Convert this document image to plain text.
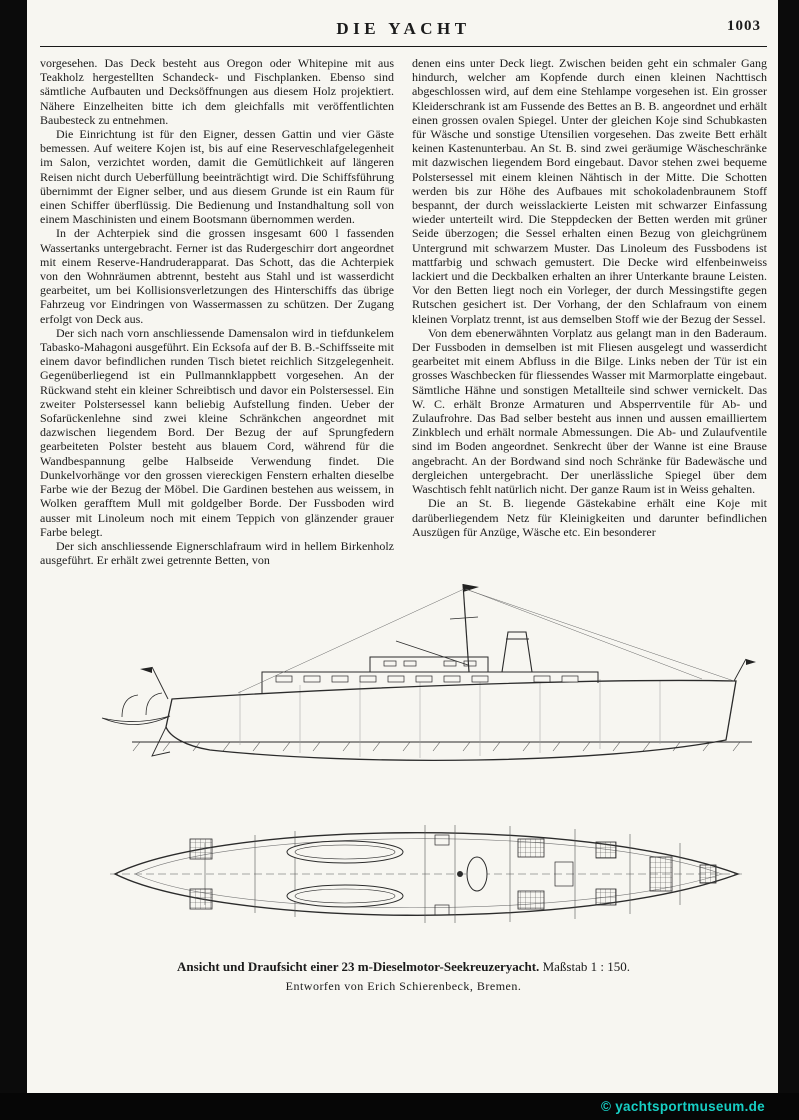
DIE YACHT	1003

vorgesehen. Das Deck besteht aus Oregon oder Whitepine mit aus Teakholz hergestellten Schandeck- und Fischplanken. Ebenso sind sämtliche Aufbauten und Decksöffnungen aus diesem Holz projektiert. Nähere Einzelheiten bitte ich dem gleichfalls mit veröffentlichten Baubesteck zu entnehmen.

Die Einrichtung ist für den Eigner, dessen Gattin und vier Gäste bemessen. Auf weitere Kojen ist, bis auf eine Reserveschlafgelegenheit im Salon, verzichtet worden, damit die Gemütlichkeit auf längeren Reisen nicht durch Ueberfüllung beeinträchtigt wird. Die Schiffsführung übernimmt der Eigner selber, und aus diesem Grunde ist ein Raum für einen Schiffer überflüssig. Die Bedienung und Instandhaltung soll von einem Maschinisten und einem Bootsmann übernommen werden.

In der Achterpiek sind die grossen insgesamt 600 l fassenden Wassertanks untergebracht. Ferner ist das Rudergeschirr dort angeordnet mit einem Reserve-Handruderapparat. Das Schott, das die Achterpiek von den Wohnräumen abtrennt, besteht aus Stahl und ist wasserdicht gearbeitet, um bei Kollisionsverletzungen des Hinterschiffs das übrige Fahrzeug vor Eindringen von Wassermassen zu schützen. Der Zugang erfolgt von Deck aus.

Der sich nach vorn anschliessende Damensalon wird in tiefdunkelem Tabasko-Mahagoni ausgeführt. Ein Ecksofa auf der B. B.-Schiffsseite mit einem davor befindlichen runden Tisch bietet reichlich Sitzgelegenheit. Gegenüberliegend ist ein Pullmannklappbett vorgesehen. An der Rückwand steht ein kleiner Schreibtisch und davor ein Polstersessel. Ein zweiter Polstersessel kann beliebig Aufstellung finden. Ueber der Sofarückenlehne sind zwei kleine Schränkchen angeordnet mit dazwischen liegendem Bord. Der Bezug der auf Sprungfedern gearbeiteten Polster besteht aus blauem Cord, während für die Wandbespannung gelbe Halbseide Verwendung findet. Die Dunkelvorhänge vor den grossen viereckigen Fenstern erhalten dieselbe Farbe wie der Bezug der Möbel. Die Gardinen bestehen aus weissem, in Wolken gerafftem Mull mit goldgelber Borde. Der Fussboden wird ausser mit Linoleum noch mit einem Teppich von glänzender grauer Farbe belegt.

Der sich anschliessende Eignerschlafraum wird in hellem Birkenholz ausgeführt. Er erhält zwei getrennte Betten, von

denen eins unter Deck liegt. Zwischen beiden geht ein schmaler Gang hindurch, welcher am Kopfende durch einen kleinen Nachttisch abgeschlossen wird, auf dem eine Stehlampe vorgesehen ist. Ein grosser Kleiderschrank ist am Fussende des Bettes an B. B. angeordnet und erhält einen grossen ovalen Spiegel. Unter der gleichen Koje sind Schubkasten für Wäsche und sonstige Utensilien vorgesehen. Das zweite Bett erhält keinen Kastenunterbau. An St. B. sind zwei geräumige Wäscheschränke mit dazwischen liegendem Bord eingebaut. Davor stehen zwei bequeme Polstersessel mit einem kleinen Nähtisch in der Mitte. Die Schotten werden bis zur Höhe des Aufbaues mit schokoladenbraunem Stoff bespannt, der durch weisslackierte Leisten mit schwarzer Einfassung wieder unterteilt wird. Die Steppdecken der Betten werden mit grüner Seide überzogen; die Sessel erhalten einen Bezug von gleichgrünem Untergrund mit schwarzem Muster. Das Linoleum des Fussbodens ist mattfarbig und schwach gemustert. Die Decke wird elfenbeinweiss lackiert und die Deckbalken erhalten an ihrer Unterkante braune Leisten. Vor den Betten liegt noch ein Vorleger, der durch Messingstifte gegen Rutschen gesichert ist. Der Vorhang, der den Schlafraum von einem kleinen Vorplatz trennt, ist aus demselben Stoff wie der Bezug der Sessel.

Von dem ebenerwähnten Vorplatz aus gelangt man in den Baderaum. Der Fussboden in demselben ist mit Fliesen ausgelegt und wasserdicht gearbeitet mit einem Abfluss in die Bilge. Links neben der Tür ist ein grosses Waschbecken für fliessendes Wasser mit Marmorplatte eingebaut. Sämtliche Hähne und sonstigen Metallteile sind schwer vernickelt. Das W. C. erhält Bronze Armaturen und Absperrventile für Ab- und Zulaufrohre. Das Bad selber besteht aus innen und aussen emailliertem Zinkblech und erhält normale Abmessungen. Die Ab- und Zulaufventile sind im Boden angeordnet. Senkrecht über der Wanne ist eine Brause angebracht. An der Bordwand sind noch Schränke für Badewäsche und dergleichen untergebracht. Der unerlässliche Spiegel über dem Waschtisch fehlt natürlich nicht. Der ganze Raum ist in Weiss gehalten.

Die an St. B. liegende Gästekabine erhält eine Koje mit darüberliegendem Netz für Kleinigkeiten und darunter befindlichen Auszügen für Anzüge, Wäsche etc. Ein besonderer

Ansicht und Draufsicht einer 23 m-Dieselmotor-Seekreuzeryacht. Maßstab 1 : 150.
Entworfen von Erich Schierenbeck, Bremen.
© yachtsportmuseum.de
